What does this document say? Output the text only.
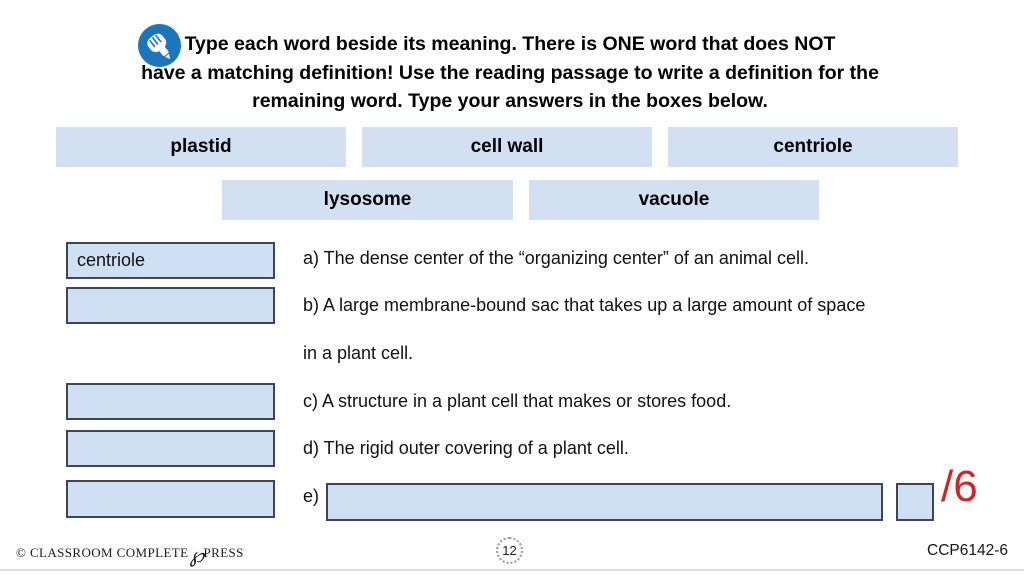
Type each word beside its meaning. There is ONE word that does NOT
have a matching definition! Use the reading passage to write a definition for the
remaining word. Type your answers in the boxes below.
plastid	cell wall	centriole
lysosome	vacuole
centriole
a) The dense center of the “organizing center” of an animal cell.
b) A large membrane-bound sac that takes up a large amount of space
in a plant cell.
c) A structure in a plant cell that makes or stores food.
d) The rigid outer covering of a plant cell.
e)	/6
© CLASSROOM COMPLETE℘PRESS	12	CCP6142-6
